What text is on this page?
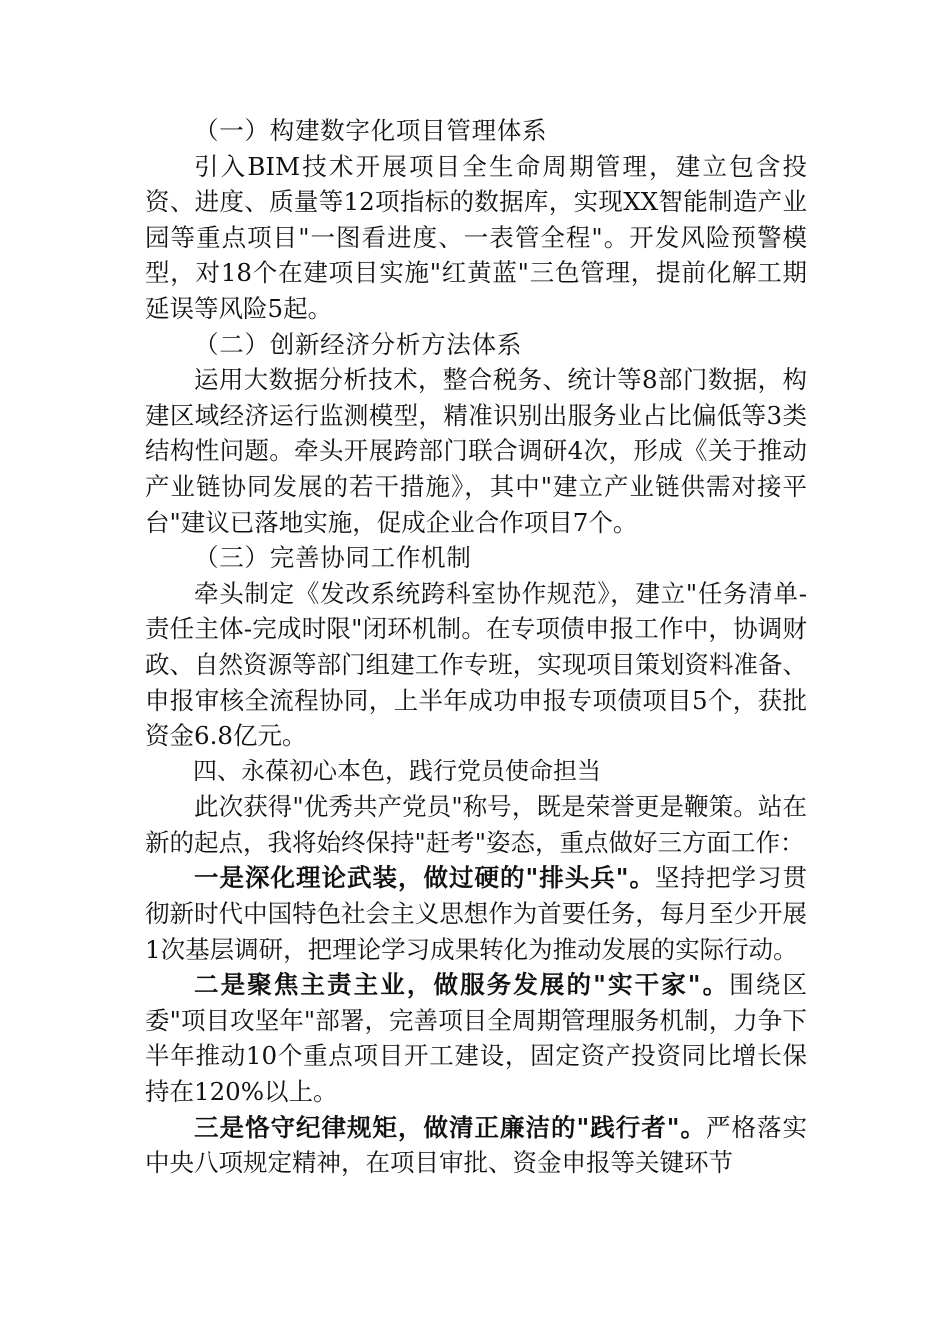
（一）构建数字化项目管理体系

引入BIM技术开展项目全生命周期管理，建立包含投资、进度、质量等12项指标的数据库，实现XX智能制造产业园等重点项目"一图看进度、一表管全程"。开发风险预警模型，对18个在建项目实施"红黄蓝"三色管理，提前化解工期延误等风险5起。

（二）创新经济分析方法体系

运用大数据分析技术，整合税务、统计等8部门数据，构建区域经济运行监测模型，精准识别出服务业占比偏低等3类结构性问题。牵头开展跨部门联合调研4次，形成《关于推动产业链协同发展的若干措施》，其中"建立产业链供需对接平台"建议已落地实施，促成企业合作项目7个。

（三）完善协同工作机制

牵头制定《发改系统跨科室协作规范》，建立"任务清单-责任主体-完成时限"闭环机制。在专项债申报工作中，协调财政、自然资源等部门组建工作专班，实现项目策划资料准备、申报审核全流程协同，上半年成功申报专项债项目5个，获批资金6.8亿元。

四、永葆初心本色，践行党员使命担当

此次获得"优秀共产党员"称号，既是荣誉更是鞭策。站在新的起点，我将始终保持"赶考"姿态，重点做好三方面工作：

一是深化理论武装，做过硬的"排头兵"。坚持把学习贯彻新时代中国特色社会主义思想作为首要任务，每月至少开展1次基层调研，把理论学习成果转化为推动发展的实际行动。

二是聚焦主责主业，做服务发展的"实干家"。围绕区委"项目攻坚年"部署，完善项目全周期管理服务机制，力争下半年推动10个重点项目开工建设，固定资产投资同比增长保持在120%以上。

三是恪守纪律规矩，做清正廉洁的"践行者"。严格落实中央八项规定精神，在项目审批、资金申报等关键环节
